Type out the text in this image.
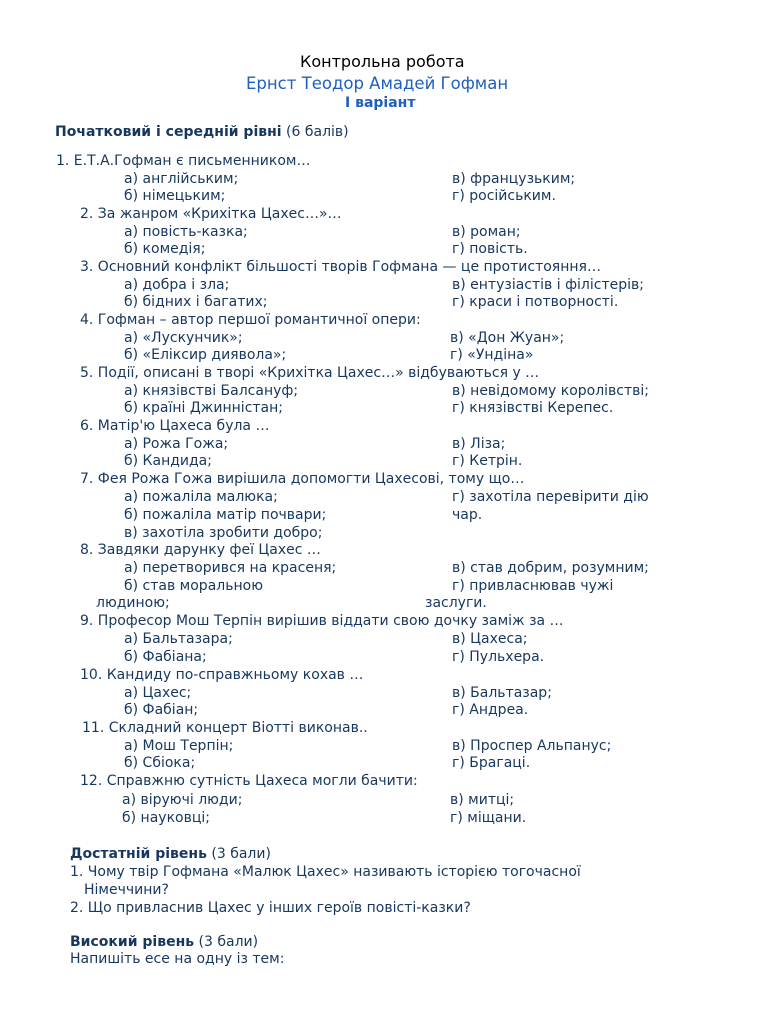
Контрольна робота
Ернст Теодор Амадей Гофман
І варіант
Початковий і середній рівні (6 балів)
1. Е.Т.А.Гофман є письменником…
а) англійським;	в) французьким;
б) німецьким;	г) російським.
2. За жанром «Крихітка Цахес…»…
а) повість-казка;	в) роман;
б) комедія;	г) повість.
3. Основний конфлікт більшості творів Гофмана — це протистояння…
а) добра і зла;	в) ентузіастів і філістерів;
б) бідних і багатих;	г) краси і потворності.
4. Гофман – автор першої романтичної опери:
а) «Лускунчик»;	в) «Дон Жуан»;
б) «Еліксир диявола»;	г) «Ундіна»
5. Події, описані в творі «Крихітка Цахес…» відбуваються у …
а) князівстві Балсануф;	в) невідомому королівстві;
б) країні Джинністан;	г) князівстві Керепес.
6. Матір'ю Цахеса була …
а) Рожа Гожа;	в) Ліза;
б) Кандида;	г) Кетрін.
7. Фея Рожа Гожа вирішила допомогти Цахесові, тому що…
а) пожаліла малюка;	г) захотіла перевірити дію
б) пожаліла матір почвари;	чар.
в) захотіла зробити добро;
8. Завдяки дарунку феї Цахес …
а) перетворився на красеня;	в) став добрим, розумним;
б) став моральною	г) привласнював чужі
людиною;	заслуги.
9. Професор Мош Терпін вирішив віддати свою дочку заміж за …
а) Бальтазара;	в) Цахеса;
б) Фабіана;	г) Пульхера.
10. Кандиду по-справжньому кохав …
а) Цахес;	в) Бальтазар;
б) Фабіан;	г) Андреа.
11. Складний концерт Віотті виконав..
а) Мош Терпін;	в) Проспер Альпанус;
б) Сбіока;	г) Брагаці.
12. Справжню сутність Цахеса могли бачити:
а) віруючі люди;	в) митці;
б) науковці;	г) міщани.
Достатній рівень (3 бали)
1. Чому твір Гофмана «Малюк Цахес» називають історією тогочасної
Німеччини?
2. Що привласнив Цахес у інших героїв повісті-казки?
Високий рівень (3 бали)
Напишіть есе на одну із тем:
